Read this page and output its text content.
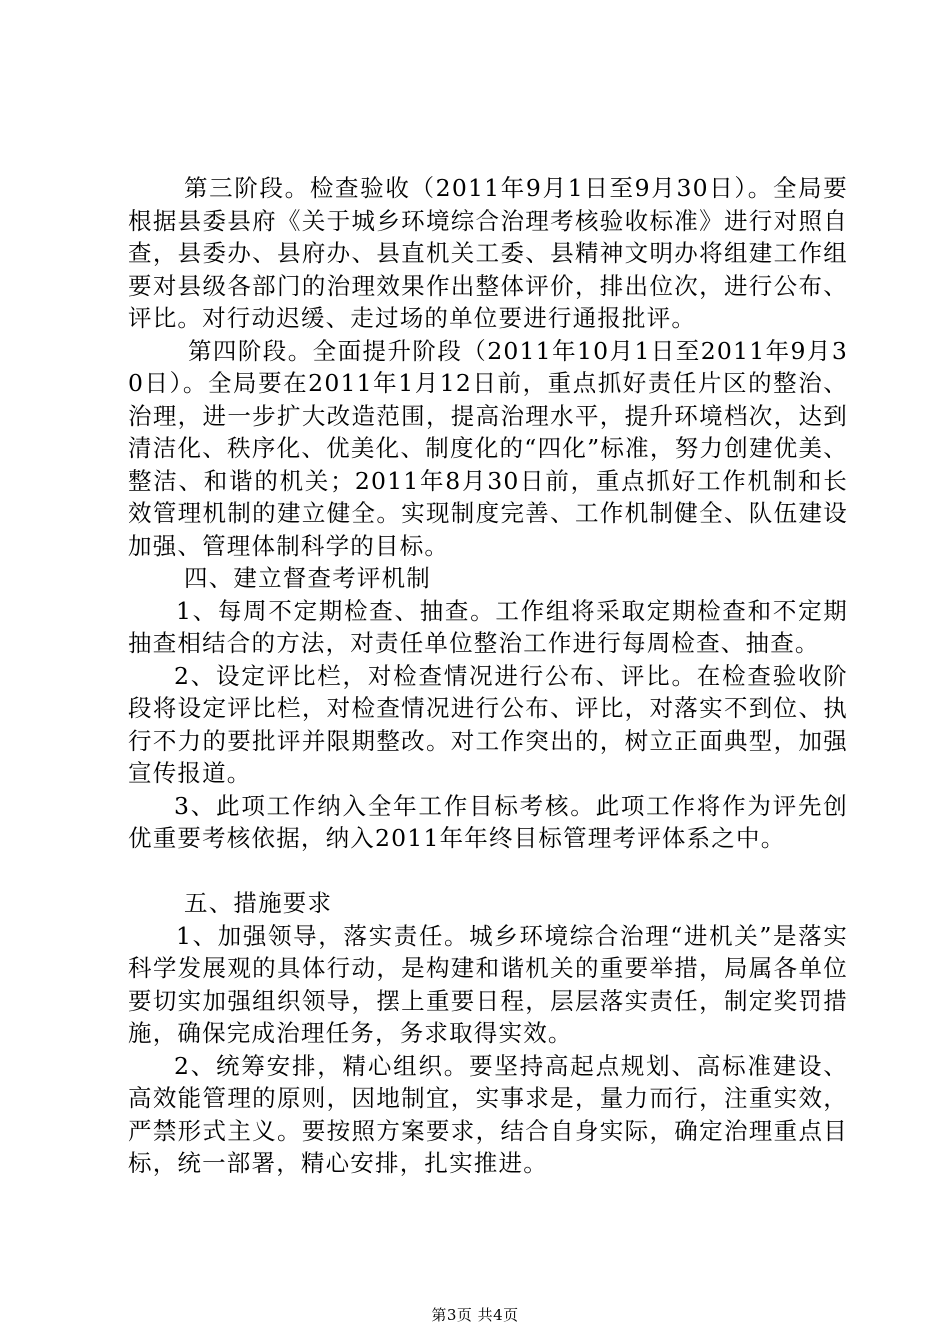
第三阶段。检查验收（2011年9月1日至9月30日）。全局要根据县委县府《关于城乡环境综合治理考核验收标准》进行对照自查，县委办、县府办、县直机关工委、县精神文明办将组建工作组要对县级各部门的治理效果作出整体评价，排出位次，进行公布、评比。对行动迟缓、走过场的单位要进行通报批评。

第四阶段。全面提升阶段（2011年10月1日至2011年9月30日）。全局要在2011年1月12日前，重点抓好责任片区的整治、治理，进一步扩大改造范围，提高治理水平，提升环境档次，达到清洁化、秩序化、优美化、制度化的“四化”标准，努力创建优美、整洁、和谐的机关；2011年8月30日前，重点抓好工作机制和长效管理机制的建立健全。实现制度完善、工作机制健全、队伍建设加强、管理体制科学的目标。

四、建立督查考评机制

1、每周不定期检查、抽查。工作组将采取定期检查和不定期抽查相结合的方法，对责任单位整治工作进行每周检查、抽查。

2、设定评比栏，对检查情况进行公布、评比。在检查验收阶段将设定评比栏，对检查情况进行公布、评比，对落实不到位、执行不力的要批评并限期整改。对工作突出的，树立正面典型，加强宣传报道。

3、此项工作纳入全年工作目标考核。此项工作将作为评先创优重要考核依据，纳入2011年年终目标管理考评体系之中。

五、措施要求

1、加强领导，落实责任。城乡环境综合治理“进机关”是落实科学发展观的具体行动，是构建和谐机关的重要举措，局属各单位要切实加强组织领导，摆上重要日程，层层落实责任，制定奖罚措施，确保完成治理任务，务求取得实效。

2、统筹安排，精心组织。要坚持高起点规划、高标准建设、高效能管理的原则，因地制宜，实事求是，量力而行，注重实效，严禁形式主义。要按照方案要求，结合自身实际，确定治理重点目标，统一部署，精心安排，扎实推进。

第3页 共4页
